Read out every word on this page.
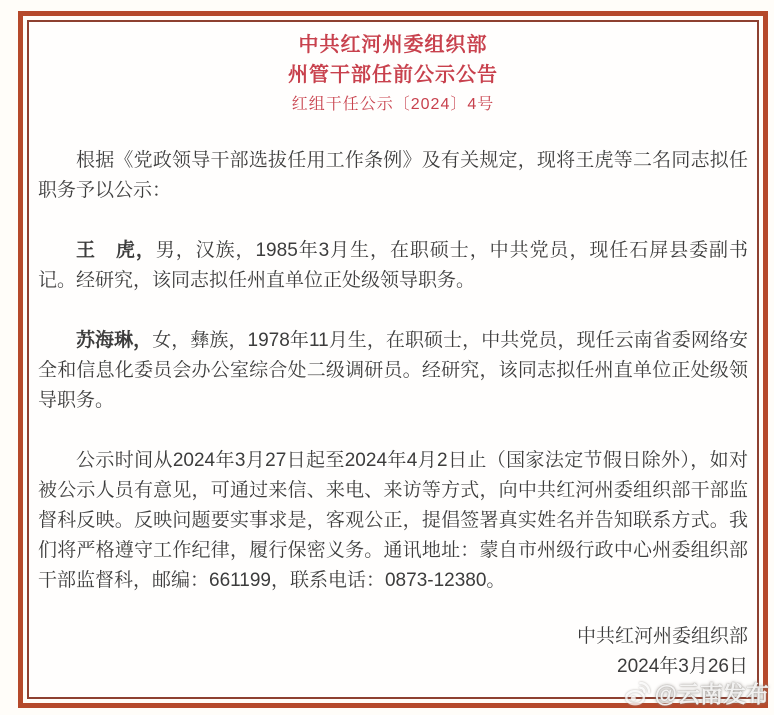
中共红河州委组织部
州管干部任前公示公告
红组干任公示〔2024〕4号

根据《党政领导干部选拔任用工作条例》及有关规定，现将王虎等二名同志拟任职务予以公示：

王　虎，男，汉族，1985年3月生，在职硕士，中共党员，现任石屏县委副书记。经研究，该同志拟任州直单位正处级领导职务。

苏海琳，女，彝族，1978年11月生，在职硕士，中共党员，现任云南省委网络安全和信息化委员会办公室综合处二级调研员。经研究，该同志拟任州直单位正处级领导职务。

公示时间从2024年3月27日起至2024年4月2日止（国家法定节假日除外），如对被公示人员有意见，可通过来信、来电、来访等方式，向中共红河州委组织部干部监督科反映。反映问题要实事求是，客观公正，提倡签署真实姓名并告知联系方式。我们将严格遵守工作纪律，履行保密义务。通讯地址：蒙自市州级行政中心州委组织部干部监督科，邮编：661199，联系电话：0873-12380。

中共红河州委组织部
2024年3月26日
@云南发布
